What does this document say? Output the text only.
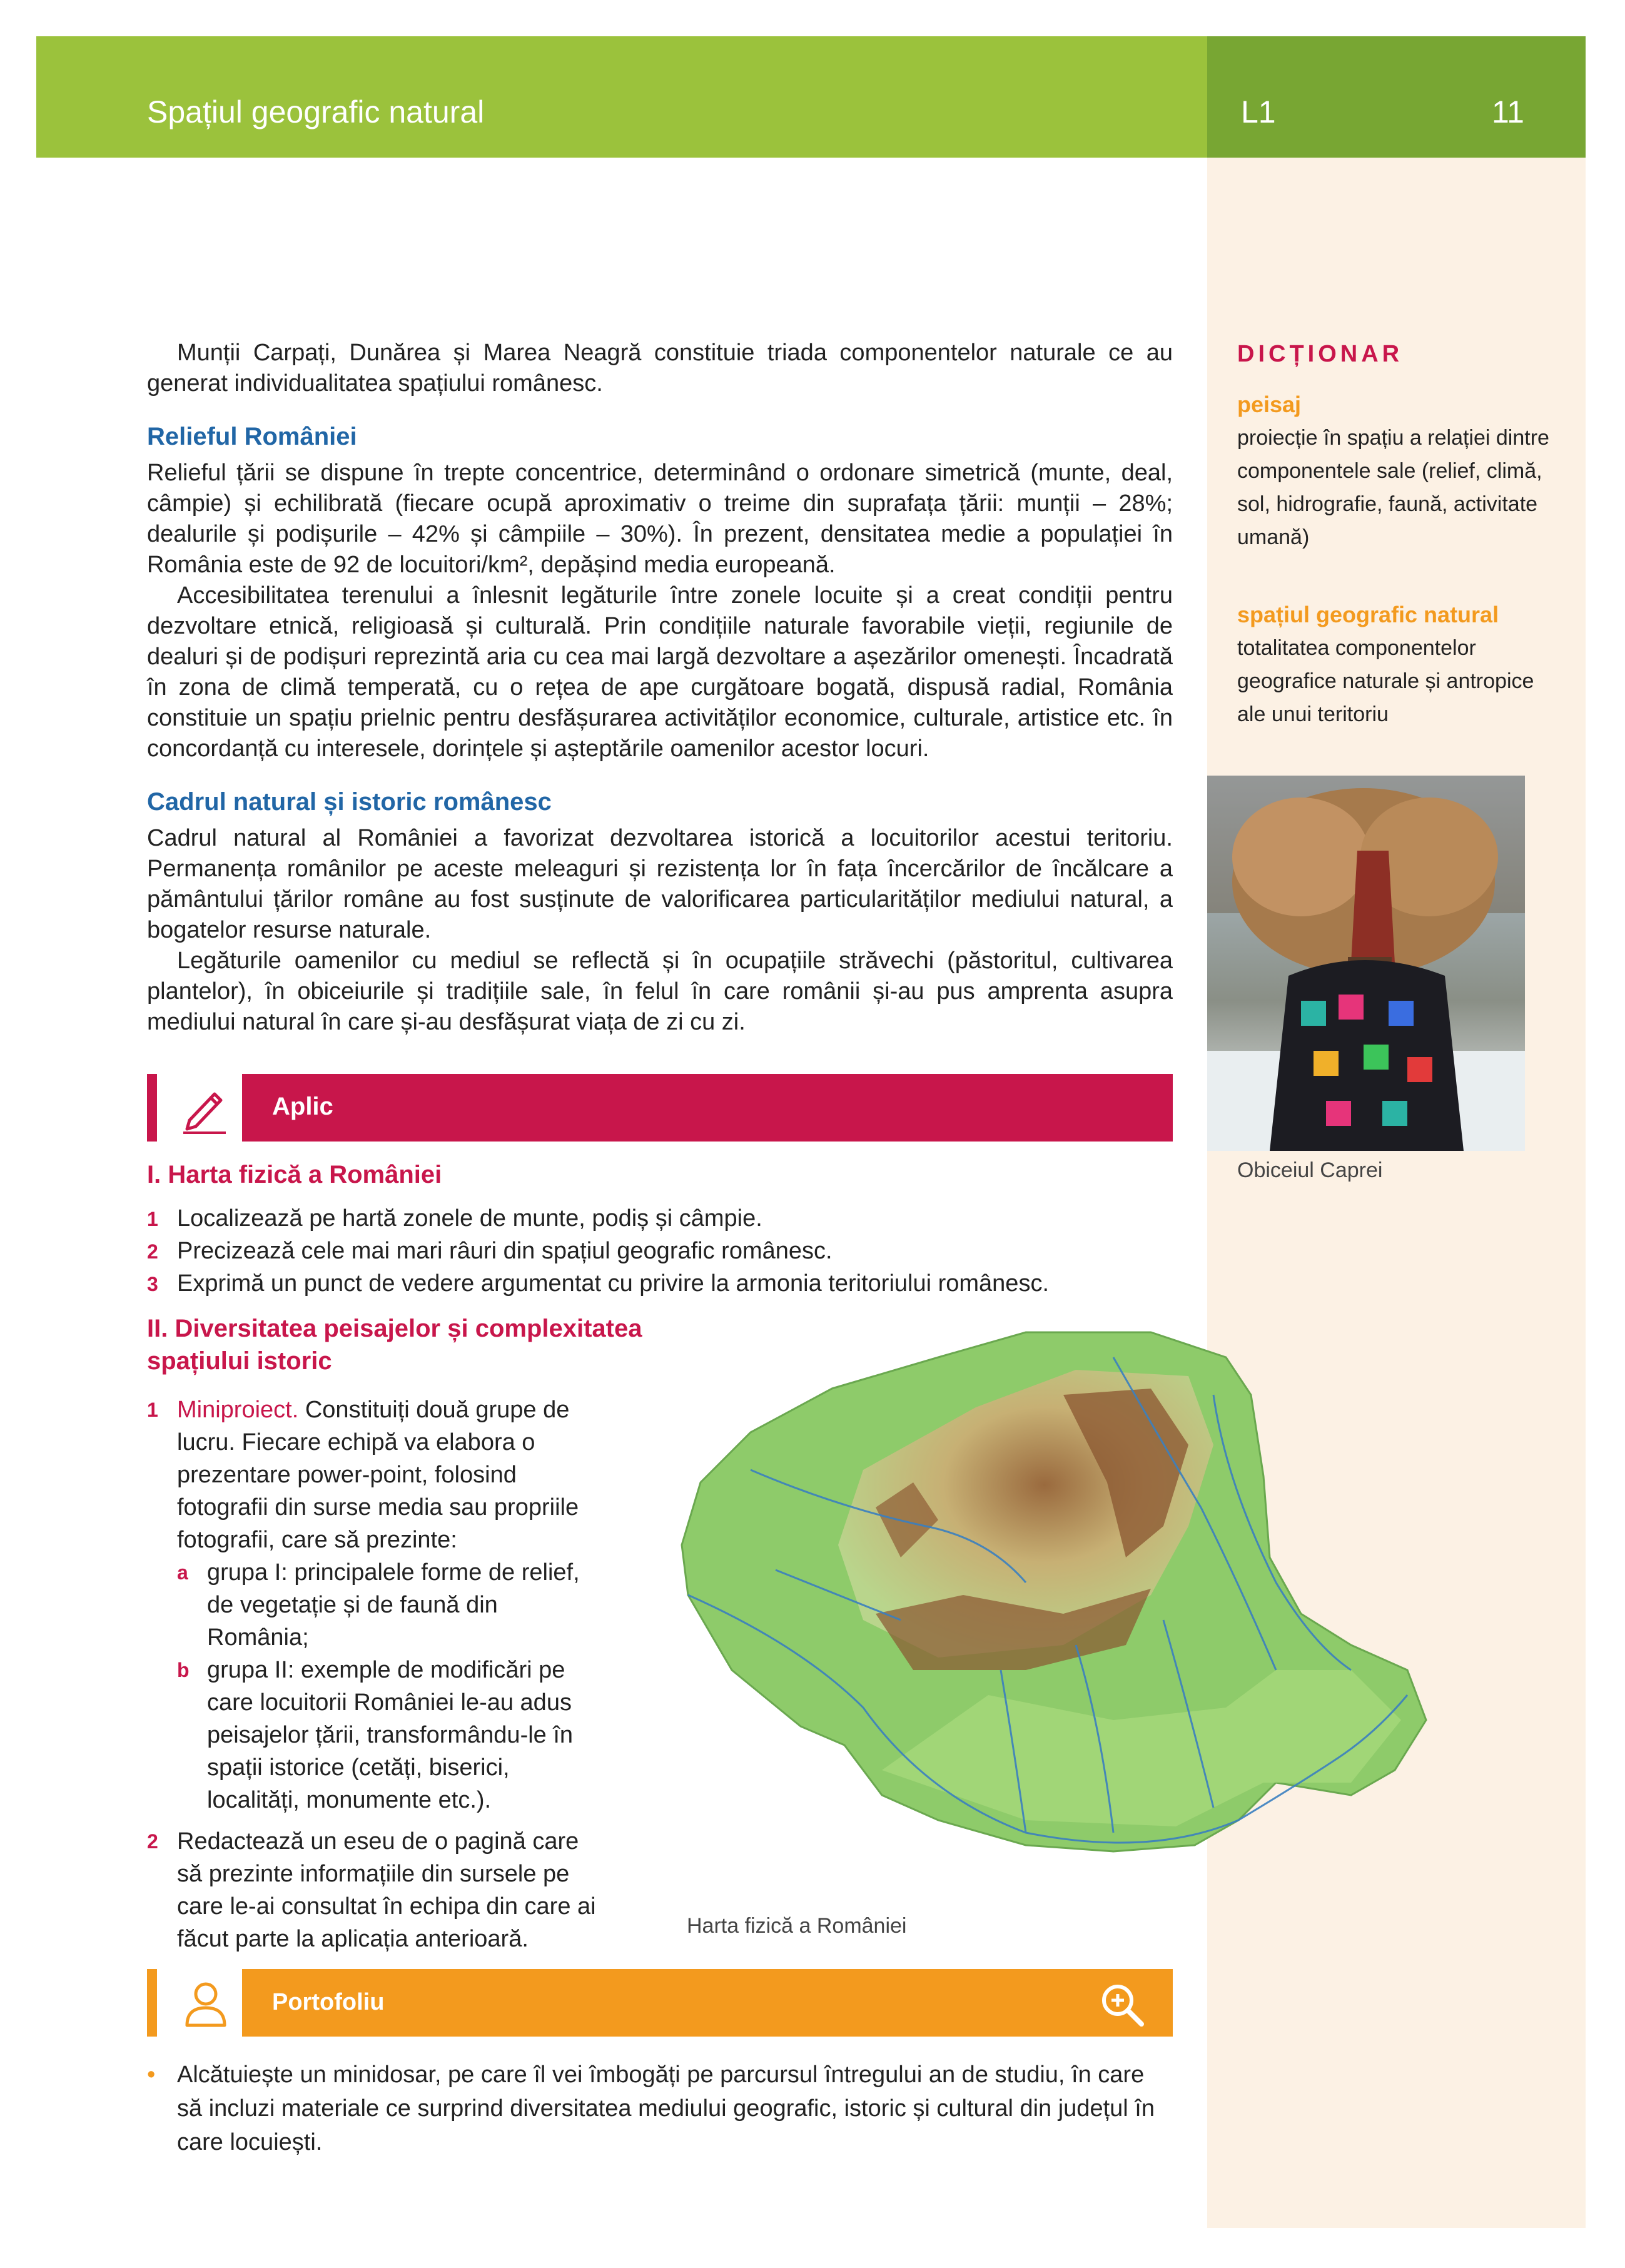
Spațiul geografic natural	L1	11
DICȚIONAR
peisaj
proiecție în spațiu a relației dintre componentele sale (relief, climă, sol, hidrografie, faună, activitate umană)
spațiul geografic natural
totalitatea componentelor geografice naturale și antropice ale unui teritoriu
Obiceiul Caprei

Munții Carpați, Dunărea și Marea Neagră constituie triada componentelor naturale ce au generat individualitatea spațiului românesc.

Relieful României

Relieful țării se dispune în trepte concentrice, determinând o ordonare simetrică (munte, deal, câmpie) și echilibrată (fiecare ocupă aproximativ o treime din suprafața țării: munții – 28%; dealurile și podișurile – 42% și câmpiile – 30%). În prezent, densitatea medie a populației în România este de 92 de locuitori/km², depășind media europeană.

Accesibilitatea terenului a înlesnit legăturile între zonele locuite și a creat condiții pentru dezvoltare etnică, religioasă și culturală. Prin condițiile naturale favorabile vieții, regiunile de dealuri și de podișuri reprezintă aria cu cea mai largă dezvoltare a așezărilor omenești. Încadrată în zona de climă temperată, cu o rețea de ape curgătoare bogată, dispusă radial, România constituie un spațiu prielnic pentru desfășurarea activităților economice, culturale, artistice etc. în concordanță cu interesele, dorințele și așteptările oamenilor acestor locuri.

Cadrul natural și istoric românesc

Cadrul natural al României a favorizat dezvoltarea istorică a locuitorilor acestui teritoriu. Permanența românilor pe aceste meleaguri și rezistența lor în fața încercărilor de încălcare a pământului țărilor române au fost susținute de valorificarea particularităților mediului natural, a bogatelor resurse naturale.

Legăturile oamenilor cu mediul se reflectă și în ocupațiile străvechi (păstoritul, cultivarea plantelor), în obiceiurile și tradițiile sale, în felul în care românii și-au pus amprenta asupra mediului natural în care și-au desfășurat viața de zi cu zi.

Aplic
I. Harta fizică a României
1 Localizează pe hartă zonele de munte, podiș și câmpie.
2 Precizează cele mai mari râuri din spațiul geografic românesc.
3 Exprimă un punct de vedere argumentat cu privire la armonia teritoriului românesc.
II. Diversitatea peisajelor și complexitatea
spațiului istoric
1 Miniproiect. Constituiți două grupe de lucru. Fiecare echipă va elabora o prezentare power-point, folosind fotografii din surse media sau propriile fotografii, care să prezinte:
a grupa I: principalele forme de relief, de vegetație și de faună din România;
b grupa II: exemple de modificări pe care locuitorii României le-au adus peisajelor țării, transformându-le în spații istorice (cetăți, biserici, localități, monumente etc.).
2 Redactează un eseu de o pagină care să prezinte informațiile din sursele pe care le-ai consultat în echipa din care ai făcut parte la aplicația anterioară.	Harta fizică a României
Portofoliu
• Alcătuiește un minidosar, pe care îl vei îmbogăți pe parcursul întregului an de studiu, în care să incluzi materiale ce surprind diversitatea mediului geografic, istoric și cultural din județul în care locuiești.
